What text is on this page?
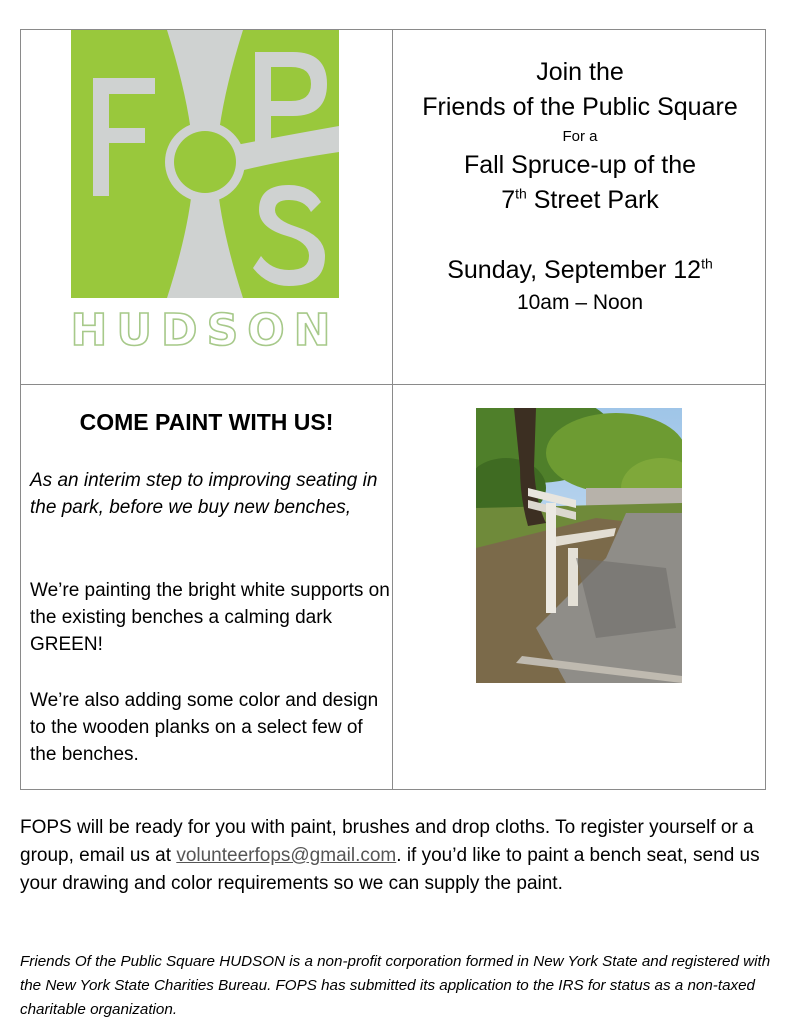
HUDSON
Join the
Friends of the Public Square
For a
Fall Spruce-up of the
7th Street Park
Sunday, September 12th
10am – Noon
COME PAINT WITH US!

As an interim step to improving seating in the park, before we buy new benches,

We’re painting the bright white supports on the existing benches a calming dark GREEN!

We’re also adding some color and design to the wooden planks on a select few of the benches.

FOPS will be ready for you with paint, brushes and drop cloths. To register yourself or a group, email us at volunteerfops@gmail.com. if you’d like to paint a bench seat, send us your drawing and color requirements so we can supply the paint.
Friends Of the Public Square HUDSON is a non-profit corporation formed in New York State and registered with the New York State Charities Bureau. FOPS has submitted its application to the IRS for status as a non-taxed charitable organization.
